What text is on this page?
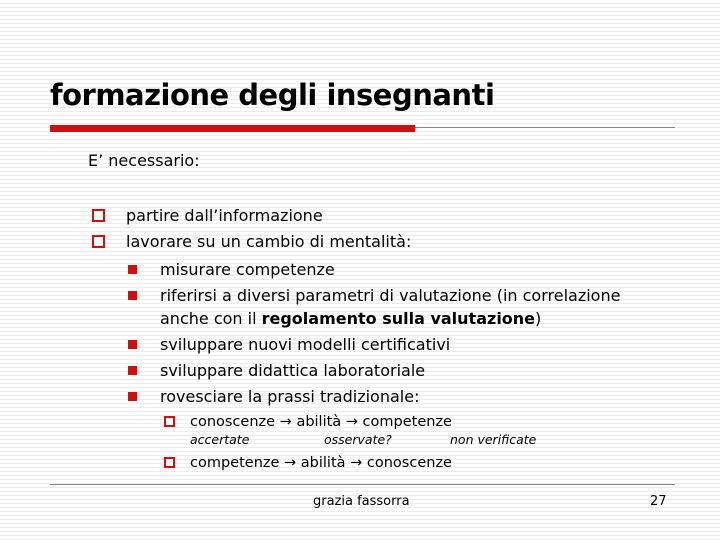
formazione degli insegnanti
E’ necessario:
partire dall’informazione
lavorare su un cambio di mentalità:
misurare competenze
riferirsi a diversi parametri di valutazione (in correlazione
anche con il regolamento sulla valutazione)
sviluppare nuovi modelli certificativi
sviluppare didattica laboratoriale
rovesciare la prassi tradizionale:
conoscenze → abilità → competenze
accertate	osservate?	non verificate
competenze → abilità → conoscenze
grazia fassorra	27
